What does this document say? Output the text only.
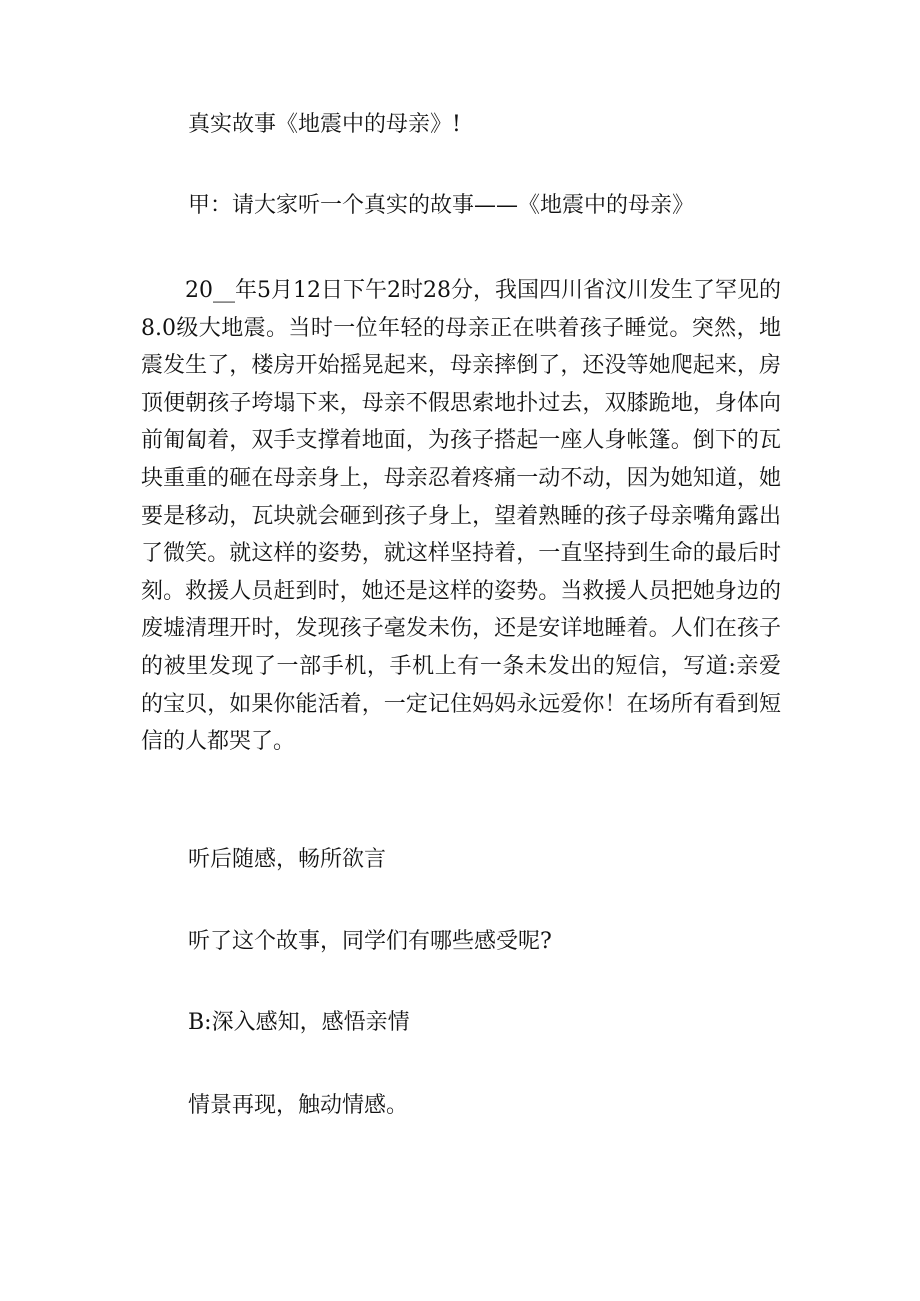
真实故事《地震中的母亲》!
甲：请大家听一个真实的故事——《地震中的母亲》
20__年5月12日下午2时28分，我国四川省汶川发生了罕见的8.0级大地震。当时一位年轻的母亲正在哄着孩子睡觉。突然，地震发生了，楼房开始摇晃起来，母亲摔倒了，还没等她爬起来，房顶便朝孩子垮塌下来，母亲不假思索地扑过去，双膝跪地，身体向前匍匐着，双手支撑着地面，为孩子搭起一座人身帐篷。倒下的瓦块重重的砸在母亲身上，母亲忍着疼痛一动不动，因为她知道，她要是移动，瓦块就会砸到孩子身上，望着熟睡的孩子母亲嘴角露出了微笑。就这样的姿势，就这样坚持着，一直坚持到生命的最后时刻。救援人员赶到时，她还是这样的姿势。当救援人员把她身边的废墟清理开时，发现孩子毫发未伤，还是安详地睡着。人们在孩子的被里发现了一部手机，手机上有一条未发出的短信，写道:亲爱的宝贝，如果你能活着，一定记住妈妈永远爱你！在场所有看到短信的人都哭了。
听后随感，畅所欲言
听了这个故事，同学们有哪些感受呢?
B:深入感知，感悟亲情
情景再现，触动情感。
